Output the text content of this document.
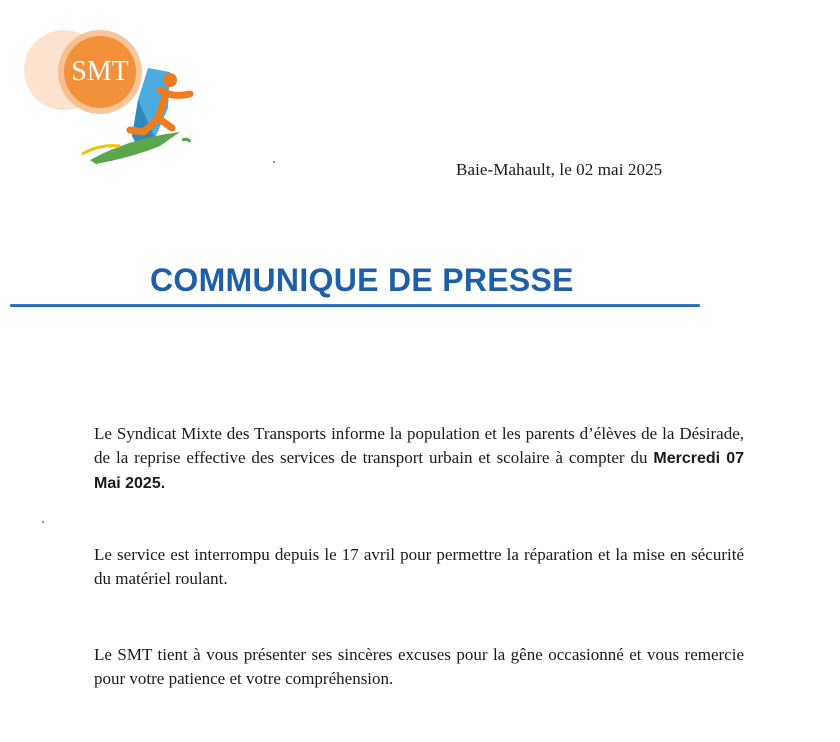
SMT
Baie-Mahault, le 02 mai 2025
COMMUNIQUE DE PRESSE

Le Syndicat Mixte des Transports informe la population et les parents d’élèves de la Désirade, de la reprise effective des services de transport urbain et scolaire à compter du Mercredi 07 Mai 2025.

Le service est interrompu depuis le 17 avril pour permettre la réparation et la mise en sécurité du matériel roulant.

Le SMT tient à vous présenter ses sincères excuses pour la gêne occasionné et vous remercie pour votre patience et votre compréhension.
